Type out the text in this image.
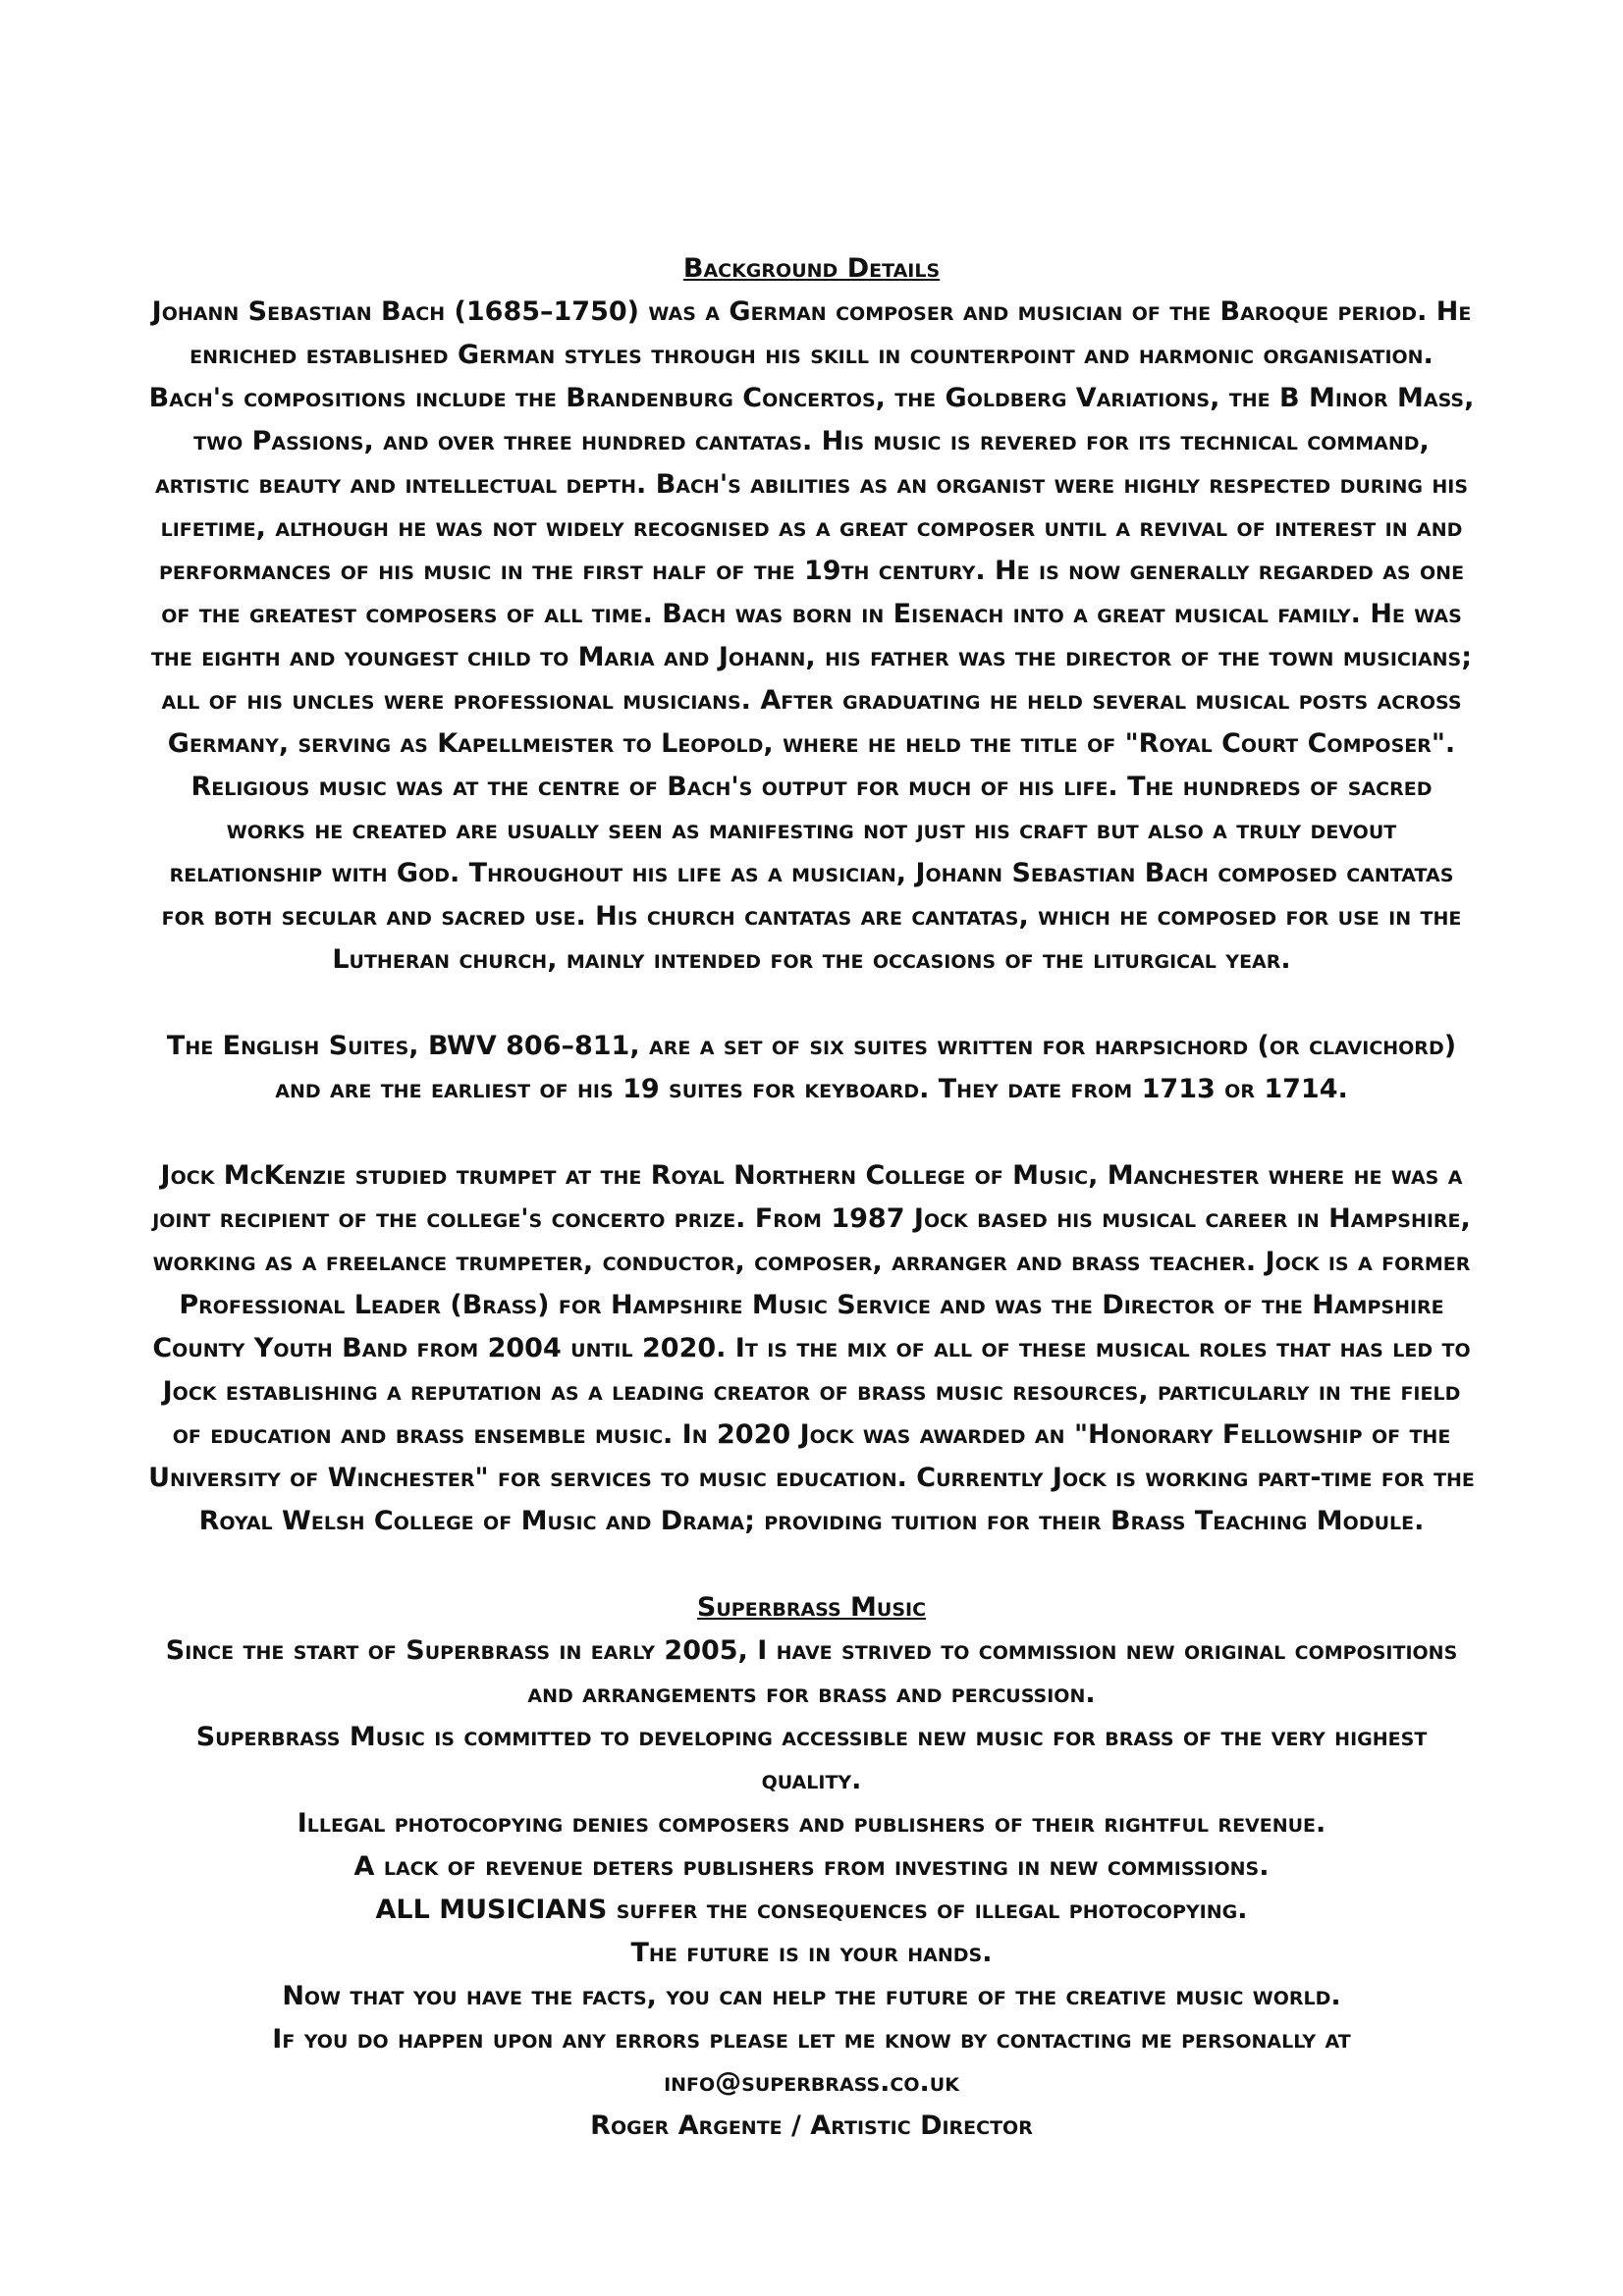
Background Details

Johann Sebastian Bach (1685–1750) was a German composer and musician of the Baroque period. He enriched established German styles through his skill in counterpoint and harmonic organisation. Bach's compositions include the Brandenburg Concertos, the Goldberg Variations, the B Minor Mass, two Passions, and over three hundred cantatas. His music is revered for its technical command, artistic beauty and intellectual depth. Bach's abilities as an organist were highly respected during his lifetime, although he was not widely recognised as a great composer until a revival of interest in and performances of his music in the first half of the 19th century. He is now generally regarded as one of the greatest composers of all time. Bach was born in Eisenach into a great musical family. He was the eighth and youngest child to Maria and Johann, his father was the director of the town musicians; all of his uncles were professional musicians. After graduating he held several musical posts across Germany, serving as Kapellmeister to Leopold, where he held the title of "Royal Court Composer". Religious music was at the centre of Bach's output for much of his life. The hundreds of sacred works he created are usually seen as manifesting not just his craft but also a truly devout relationship with God. Throughout his life as a musician, Johann Sebastian Bach composed cantatas for both secular and sacred use. His church cantatas are cantatas, which he composed for use in the Lutheran church, mainly intended for the occasions of the liturgical year.

The English Suites, BWV 806–811, are a set of six suites written for harpsichord (or clavichord) and are the earliest of his 19 suites for keyboard. They date from 1713 or 1714.

Jock McKenzie studied trumpet at the Royal Northern College of Music, Manchester where he was a joint recipient of the college's concerto prize. From 1987 Jock based his musical career in Hampshire, working as a freelance trumpeter, conductor, composer, arranger and brass teacher. Jock is a former Professional Leader (Brass) for Hampshire Music Service and was the Director of the Hampshire County Youth Band from 2004 until 2020. It is the mix of all of these musical roles that has led to Jock establishing a reputation as a leading creator of brass music resources, particularly in the field of education and brass ensemble music. In 2020 Jock was awarded an "Honorary Fellowship of the University of Winchester" for services to music education. Currently Jock is working part-time for the Royal Welsh College of Music and Drama; providing tuition for their Brass Teaching Module.

Superbrass Music

Since the start of Superbrass in early 2005, I have strived to commission new original compositions and arrangements for brass and percussion.

Superbrass Music is committed to developing accessible new music for brass of the very highest quality.

Illegal photocopying denies composers and publishers of their rightful revenue.

A lack of revenue deters publishers from investing in new commissions.

ALL MUSICIANS suffer the consequences of illegal photocopying.

The future is in your hands.

Now that you have the facts, you can help the future of the creative music world.

If you do happen upon any errors please let me know by contacting me personally at

info@superbrass.co.uk

Roger Argente / Artistic Director
